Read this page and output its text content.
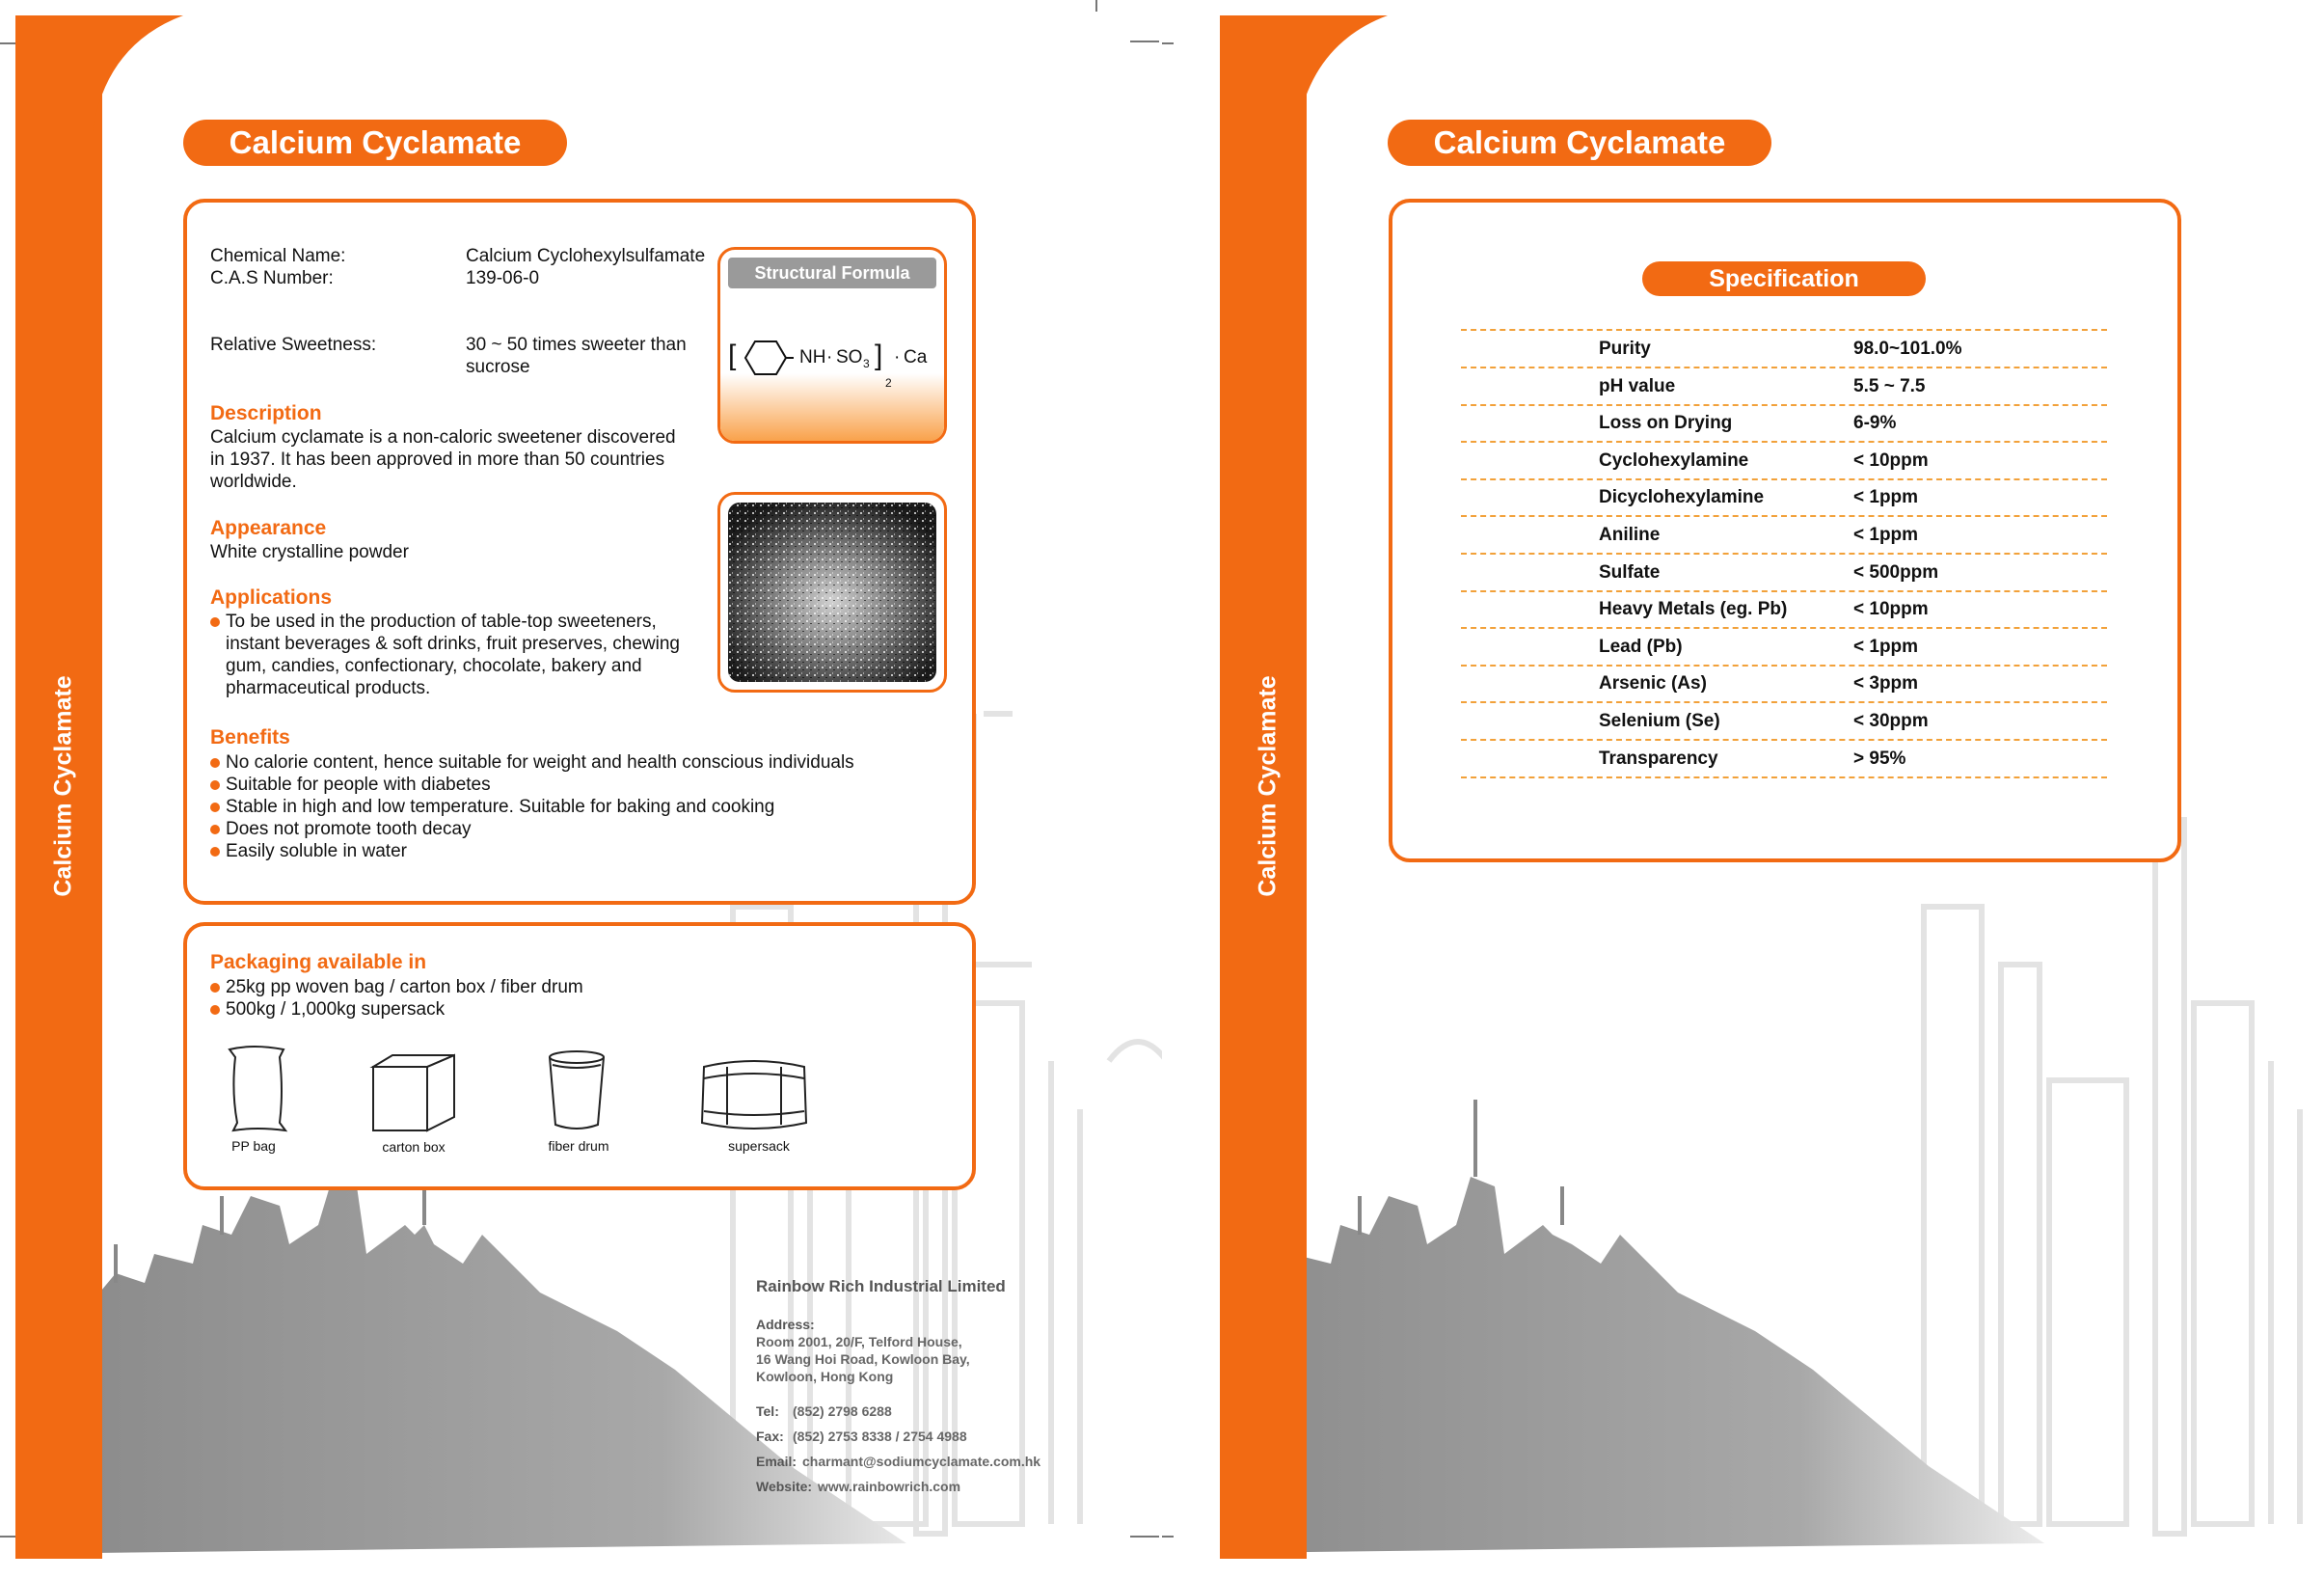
Calcium Cyclamate
Calcium Cyclamate
Chemical Name:	Calcium Cyclohexylsulfamate
C.A.S Number:	139-06-0
Relative Sweetness:	30 ~ 50 times sweeter than
sucrose
Structural Formula
[	NH · SO 3 ]
2
· Ca
Description
Calcium cyclamate is a non-caloric sweetener discovered
in 1937. It has been approved in more than 50 countries
worldwide.
Appearance
White crystalline powder
Applications
To be used in the production of table-top sweeteners,
instant beverages & soft drinks, fruit preserves, chewing
gum, candies, confectionary, chocolate, bakery and
pharmaceutical products.
Benefits
No calorie content, hence suitable for weight and health conscious individuals
Suitable for people with diabetes
Stable in high and low temperature. Suitable for baking and cooking
Does not promote tooth decay
Easily soluble in water
Packaging available in
25kg pp woven bag / carton box / fiber drum
500kg / 1,000kg supersack
PP bag	carton box	fiber drum	supersack
Rainbow Rich Industrial Limited
Address:
Room 2001, 20/F, Telford House,
16 Wang Hoi Road, Kowloon Bay,
Kowloon, Hong Kong
Tel: (852) 2798 6288
Fax: (852) 2753 8338 / 2754 4988
Email: charmant@sodiumcyclamate.com.hk
Website: www.rainbowrich.com
Calcium Cyclamate
Calcium Cyclamate
Specification
Purity	98.0~101.0%
pH value	5.5 ~ 7.5
Loss on Drying	6-9%
Cyclohexylamine	< 10ppm
Dicyclohexylamine	< 1ppm
Aniline	< 1ppm
Sulfate	< 500ppm
Heavy Metals (eg. Pb)	< 10ppm
Lead (Pb)	< 1ppm
Arsenic (As)	< 3ppm
Selenium (Se)	< 30ppm
Transparency	> 95%
